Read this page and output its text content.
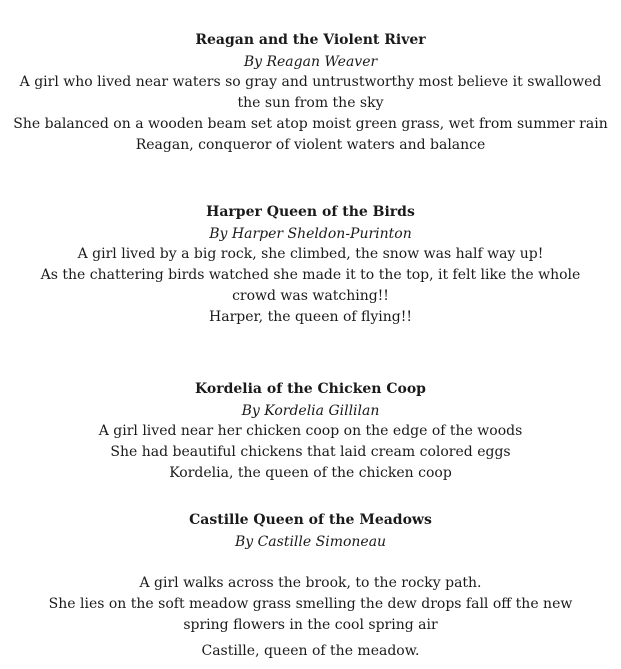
Reagan and the Violent River

By Reagan Weaver

A girl who lived near waters so gray and untrustworthy most believe it swallowed the sun from the sky

She balanced on a wooden beam set atop moist green grass, wet from summer rain

Reagan, conqueror of violent waters and balance

Harper Queen of the Birds

By Harper Sheldon-Purinton

A girl lived by a big rock, she climbed, the snow was half way up!

As the chattering birds watched she made it to the top, it felt like the whole crowd was watching!!

Harper, the queen of flying!!

Kordelia of the Chicken Coop

By Kordelia Gillilan

A girl lived near her chicken coop on the edge of the woods

She had beautiful chickens that laid cream colored eggs

Kordelia, the queen of the chicken coop

Castille Queen of the Meadows

By Castille Simoneau

A girl walks across the brook, to the rocky path.

She lies on the soft meadow grass smelling the dew drops fall off the new spring flowers in the cool spring air

Castille, queen of the meadow.
